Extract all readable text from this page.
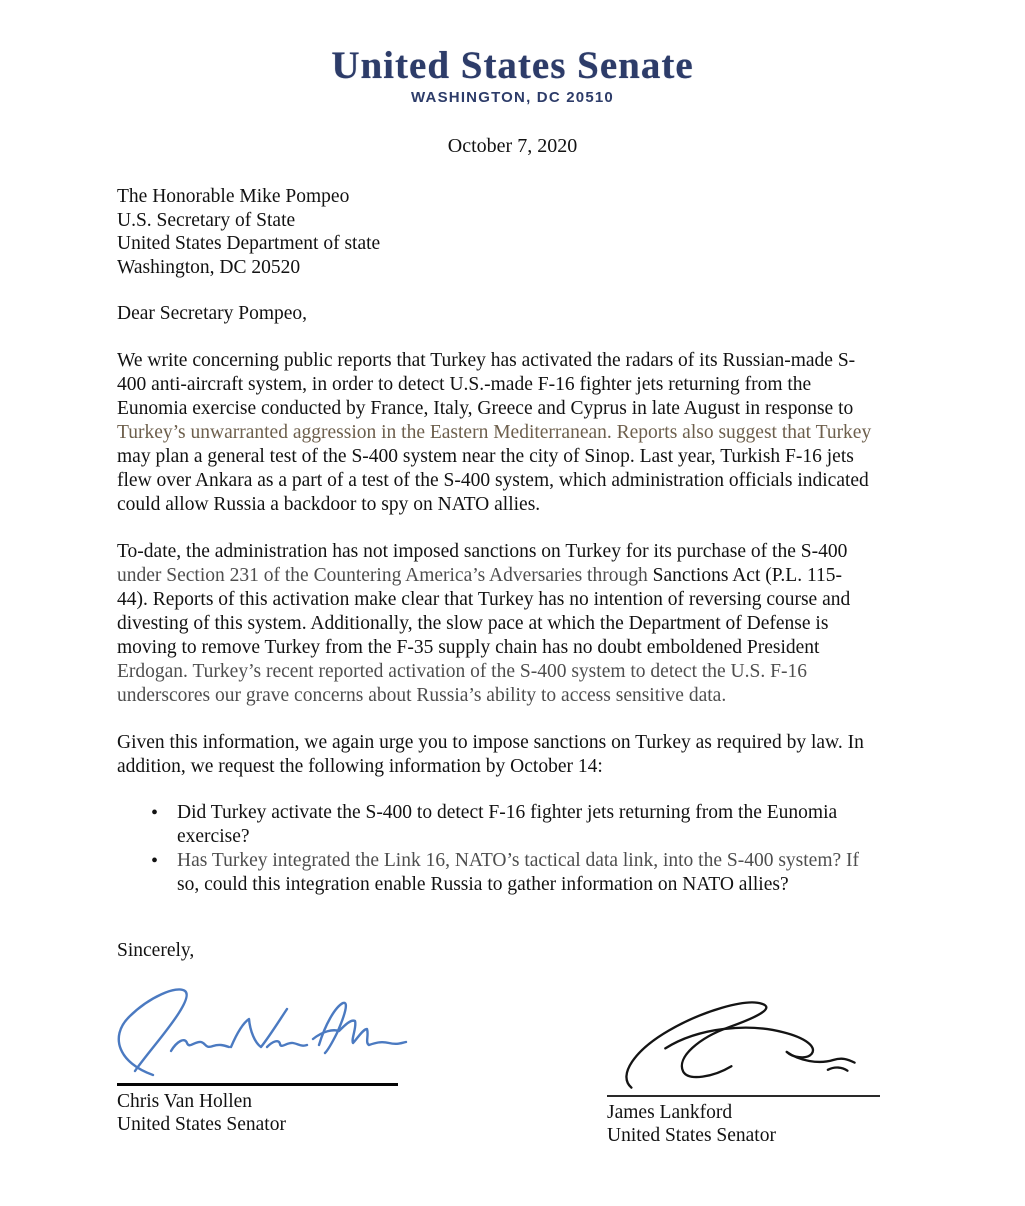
United States Senate
WASHINGTON, DC 20510
October 7, 2020
The Honorable Mike Pompeo
U.S. Secretary of State
United States Department of state
Washington, DC 20520
Dear Secretary Pompeo,
We write concerning public reports that Turkey has activated the radars of its Russian-made S-
400 anti-aircraft system, in order to detect U.S.-made F-16 fighter jets returning from the
Eunomia exercise conducted by France, Italy, Greece and Cyprus in late August in response to
Turkey’s unwarranted aggression in the Eastern Mediterranean. Reports also suggest that Turkey
may plan a general test of the S-400 system near the city of Sinop. Last year, Turkish F-16 jets
flew over Ankara as a part of a test of the S-400 system, which administration officials indicated
could allow Russia a backdoor to spy on NATO allies.
To-date, the administration has not imposed sanctions on Turkey for its purchase of the S-400
under Section 231 of the Countering America’s Adversaries through Sanctions Act (P.L. 115-
44). Reports of this activation make clear that Turkey has no intention of reversing course and
divesting of this system. Additionally, the slow pace at which the Department of Defense is
moving to remove Turkey from the F-35 supply chain has no doubt emboldened President
Erdogan. Turkey’s recent reported activation of the S-400 system to detect the U.S. F-16
underscores our grave concerns about Russia’s ability to access sensitive data.
Given this information, we again urge you to impose sanctions on Turkey as required by law. In
addition, we request the following information by October 14:
• Did Turkey activate the S-400 to detect F-16 fighter jets returning from the Eunomia
exercise?
• Has Turkey integrated the Link 16, NATO’s tactical data link, into the S-400 system? If
so, could this integration enable Russia to gather information on NATO allies?
Sincerely,
Chris Van Hollen
United States Senator
James Lankford
United States Senator
